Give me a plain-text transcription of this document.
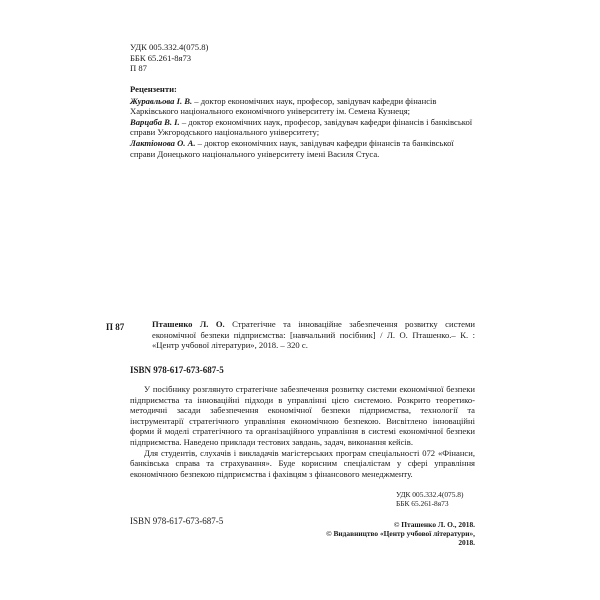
УДК 005.332.4(075.8)
ББК 65.261-8я73
П 87
Рецензенти:

Журавльова І. В. – доктор економічних наук, професор, завідувач кафедри фінансів Харківського національного економічного університету ім. Семена Кузнеця;

Варцаба В. І. – доктор економічних наук, професор, завідувач кафедри фінансів і банківської справи Ужгородського національного університету;

Лактіонова О. А. – доктор економічних наук, завідувач кафедри фінансів та банківської справи Донецького національного університету імені Василя Стуса.

П 87	Пташенко Л. О. Стратегічне та інноваційне забезпечення розвитку системи економічної безпеки підприємства: [навчальний посібник] / Л. О. Пташенко.– К. : «Центр учбової літератури», 2018. – 320 с.
ISBN 978-617-673-687-5

У посібнику розглянуто стратегічне забезпечення розвитку системи економічної безпеки підприємства та інноваційні підходи в управлінні цією системою. Розкрито теоретико-методичні засади забезпечення економічної безпеки підприємства, технології та інструментарії стратегічного управління економічною безпекою. Висвітлено інноваційні форми й моделі стратегічного та організаційного управління в системі економічної безпеки підприємства. Наведено приклади тестових завдань, задач, виконання кейсів.

Для студентів, слухачів і викладачів магістерських програм спеціальності 072 «Фінанси, банківська справа та страхування». Буде корисним спеціалістам у сфері управління економічною безпекою підприємства і фахівцям з фінансового менеджменту.

УДК 005.332.4(075.8)
ББК 65.261-8я73
ISBN 978-617-673-687-5	© Пташенко Л. О., 2018.
© Видавництво «Центр учбової літератури», 2018.
